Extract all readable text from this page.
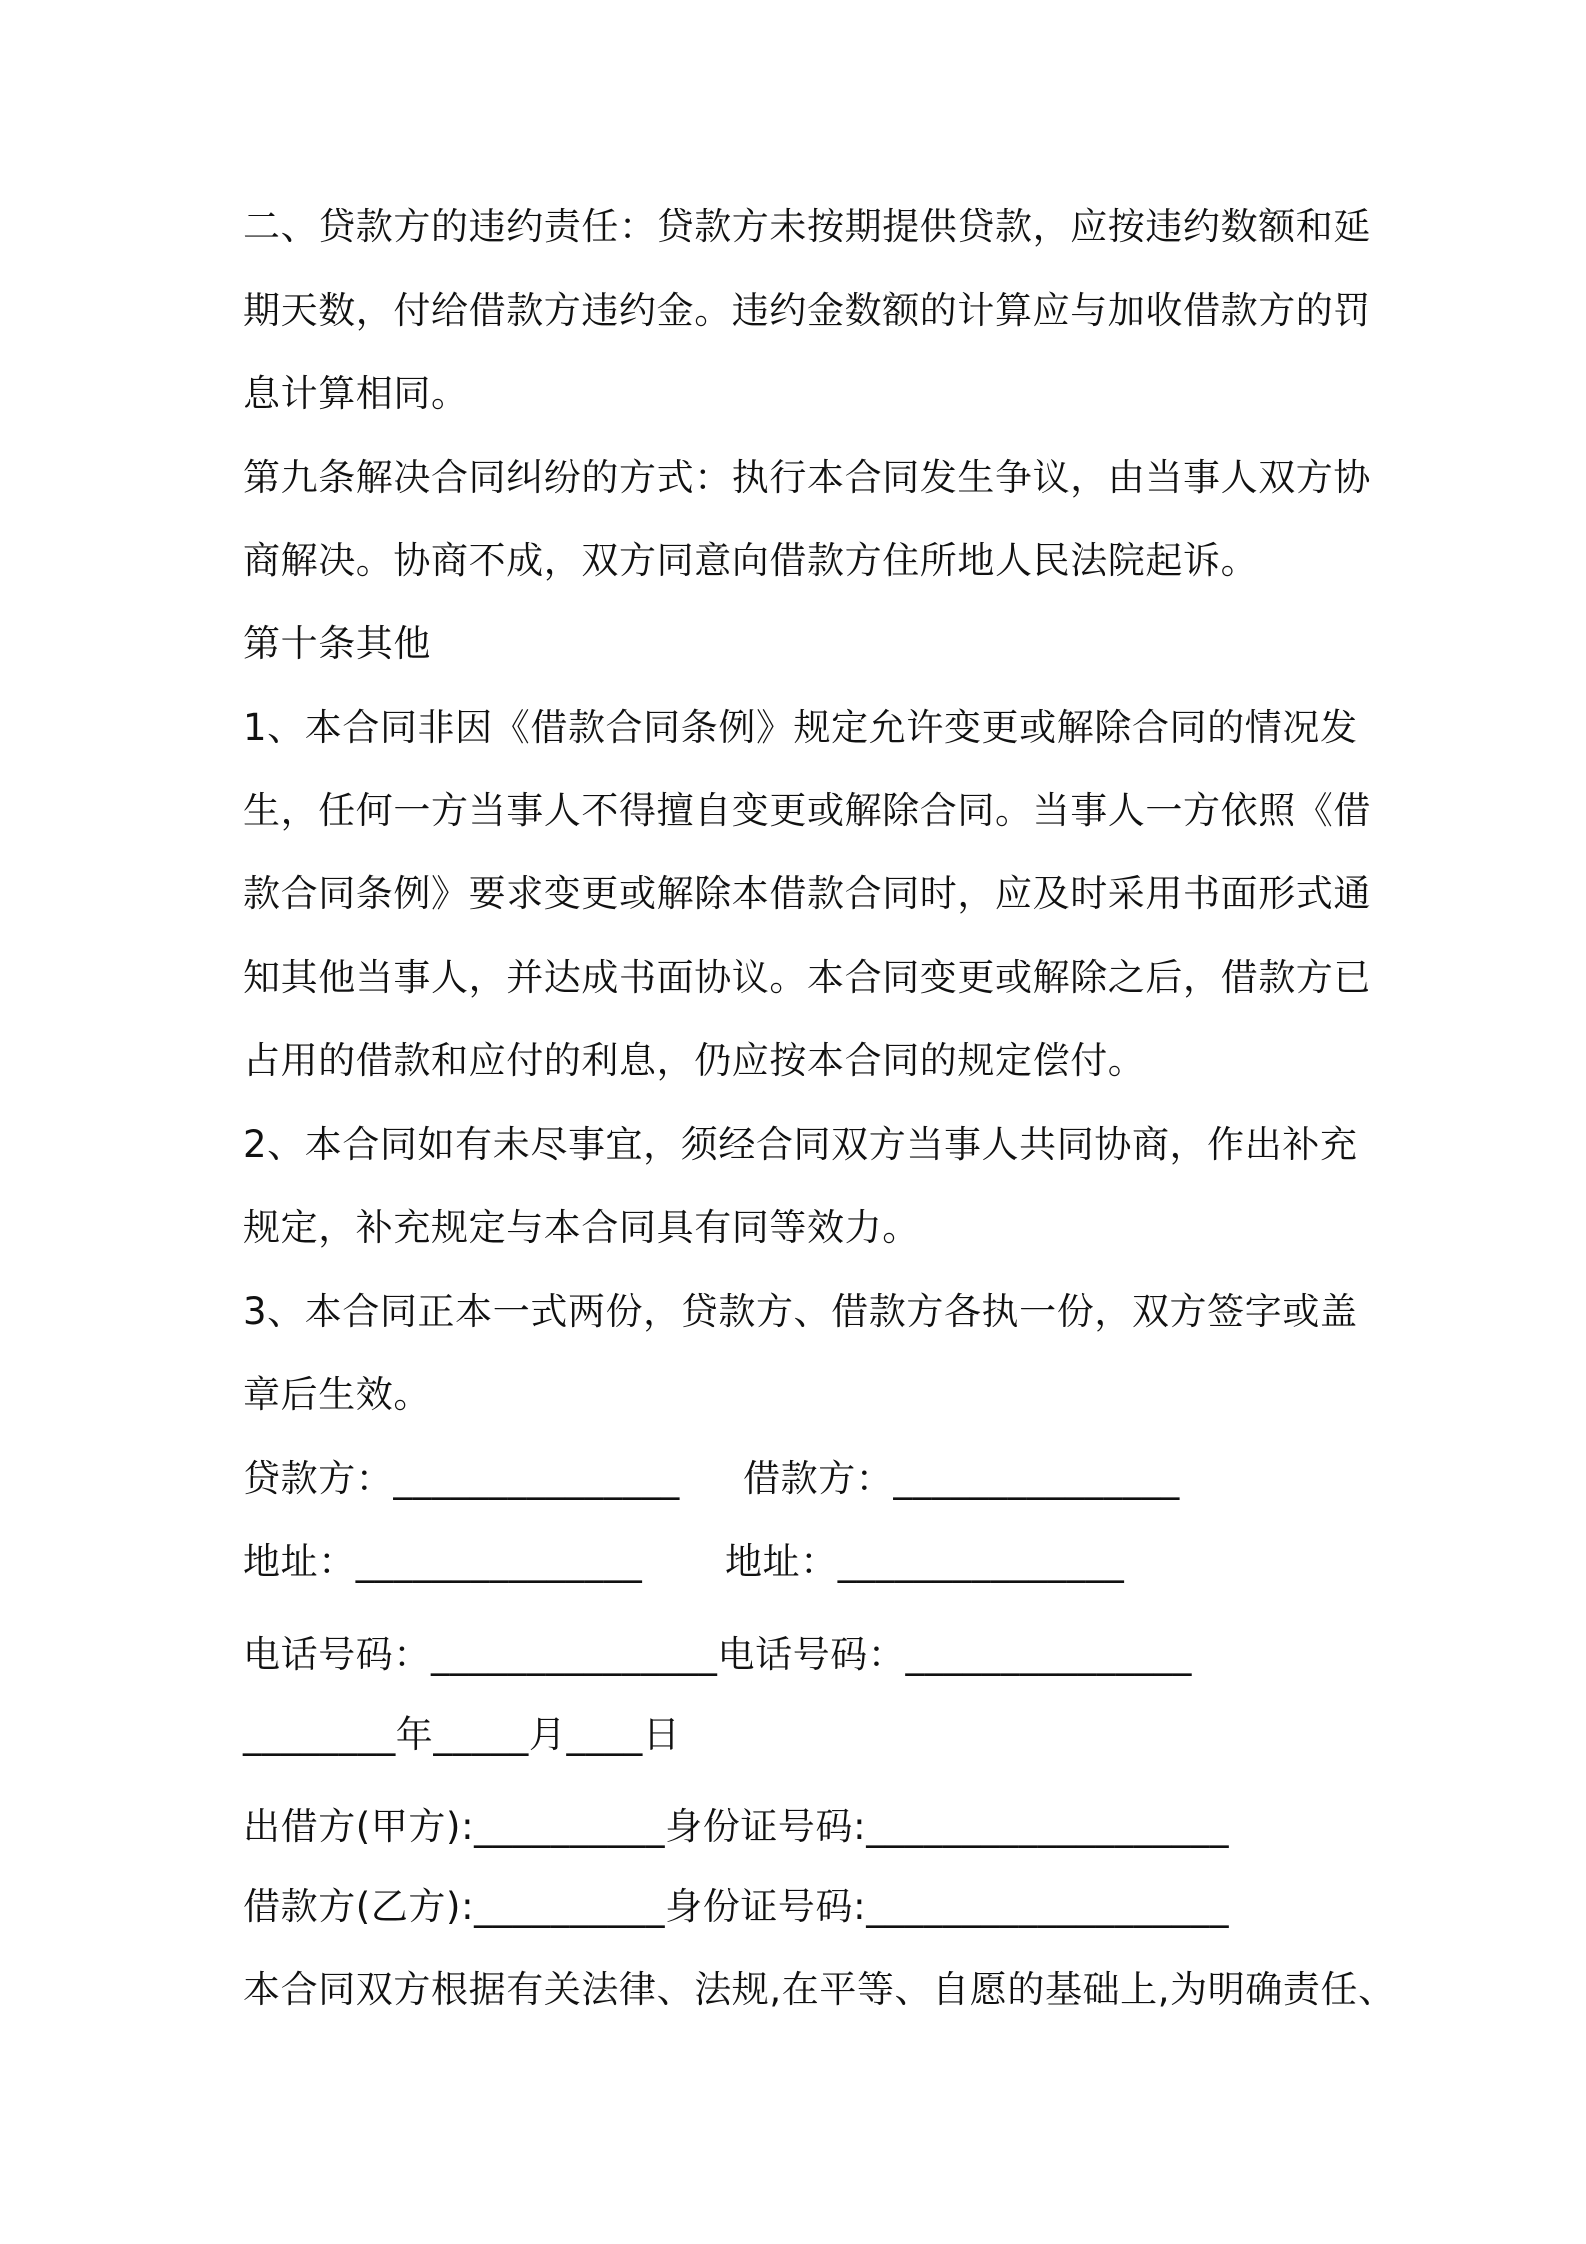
二、贷款方的违约责任：贷款方未按期提供贷款，应按违约数额和延
期天数，付给借款方违约金。违约金数额的计算应与加收借款方的罚
息计算相同。
第九条解决合同纠纷的方式：执行本合同发生争议，由当事人双方协
商解决。协商不成，双方同意向借款方住所地人民法院起诉。
第十条其他
1、本合同非因《借款合同条例》规定允许变更或解除合同的情况发
生，任何一方当事人不得擅自变更或解除合同。当事人一方依照《借
款合同条例》要求变更或解除本借款合同时，应及时采用书面形式通
知其他当事人，并达成书面协议。本合同变更或解除之后，借款方已
占用的借款和应付的利息，仍应按本合同的规定偿付。
2、本合同如有未尽事宜，须经合同双方当事人共同协商，作出补充
规定，补充规定与本合同具有同等效力。
3、本合同正本一式两份，贷款方、借款方各执一份，双方签字或盖
章后生效。
贷款方：_______________ 借款方：_______________
地址：_______________ 地址：_______________
电话号码：_______________电话号码：_______________
________年_____月____日
出借方(甲方):__________身份证号码:___________________
借款方(乙方):__________身份证号码:___________________
本合同双方根据有关法律、法规,在平等、自愿的基础上,为明确责任、
